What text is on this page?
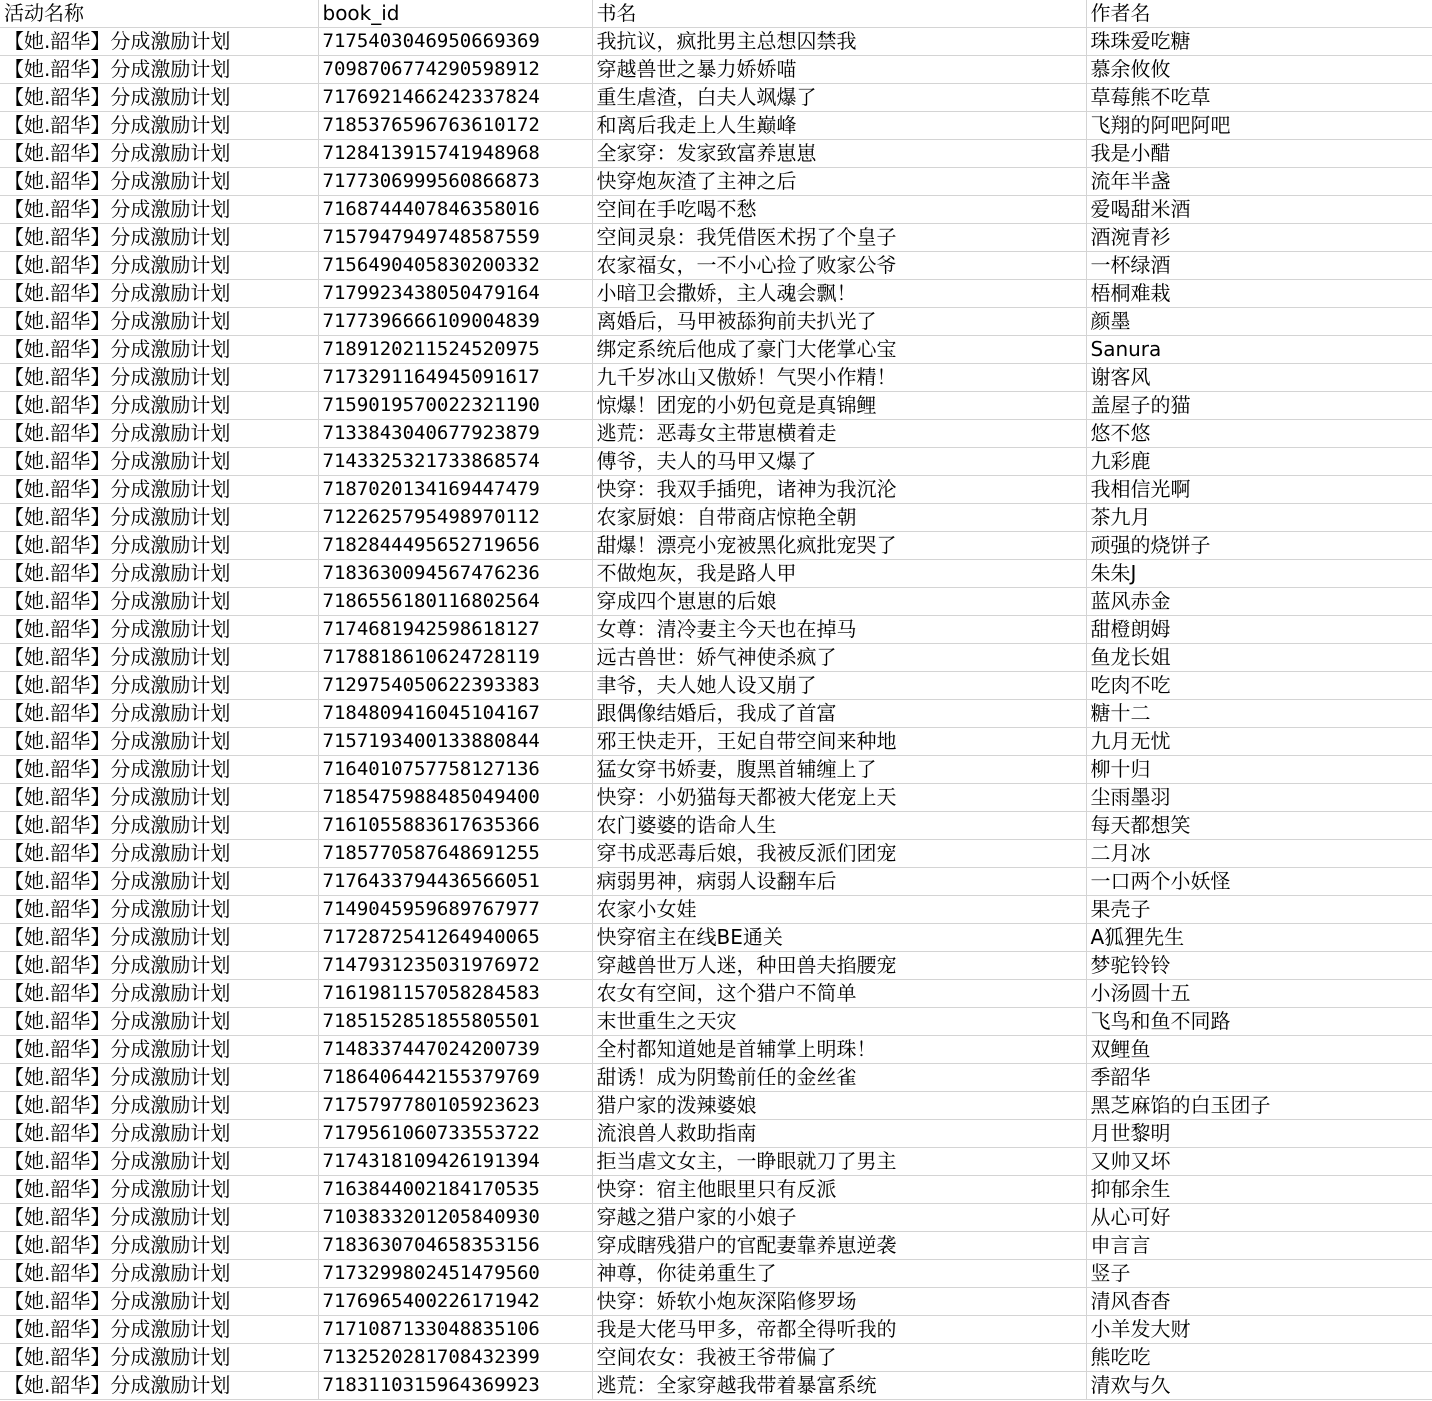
活动名称	book_id	书名	作者名
【她.韶华】分成激励计划	7175403046950669369	我抗议，疯批男主总想囚禁我	珠珠爱吃糖
【她.韶华】分成激励计划	7098706774290598912	穿越兽世之暴力娇娇喵	慕余攸攸
【她.韶华】分成激励计划	7176921466242337824	重生虐渣，白夫人飒爆了	草莓熊不吃草
【她.韶华】分成激励计划	7185376596763610172	和离后我走上人生巅峰	飞翔的阿吧阿吧
【她.韶华】分成激励计划	7128413915741948968	全家穿：发家致富养崽崽	我是小醋
【她.韶华】分成激励计划	7177306999560866873	快穿炮灰渣了主神之后	流年半盏
【她.韶华】分成激励计划	7168744407846358016	空间在手吃喝不愁	爱喝甜米酒
【她.韶华】分成激励计划	7157947949748587559	空间灵泉：我凭借医术拐了个皇子	酒涴青衫
【她.韶华】分成激励计划	7156490405830200332	农家福女，一不小心捡了败家公爷	一杯绿酒
【她.韶华】分成激励计划	7179923438050479164	小暗卫会撒娇，主人魂会飘！	梧桐难栽
【她.韶华】分成激励计划	7177396666109004839	离婚后，马甲被舔狗前夫扒光了	颜墨
【她.韶华】分成激励计划	7189120211524520975	绑定系统后他成了豪门大佬掌心宝	Sanura
【她.韶华】分成激励计划	7173291164945091617	九千岁冰山又傲娇！气哭小作精！	谢客风
【她.韶华】分成激励计划	7159019570022321190	惊爆！团宠的小奶包竟是真锦鲤	盖屋子的猫
【她.韶华】分成激励计划	7133843040677923879	逃荒：恶毒女主带崽横着走	悠不悠
【她.韶华】分成激励计划	7143325321733868574	傅爷，夫人的马甲又爆了	九彩鹿
【她.韶华】分成激励计划	7187020134169447479	快穿：我双手插兜，诸神为我沉沦	我相信光啊
【她.韶华】分成激励计划	7122625795498970112	农家厨娘：自带商店惊艳全朝	茶九月
【她.韶华】分成激励计划	7182844495652719656	甜爆！漂亮小宠被黑化疯批宠哭了	顽强的烧饼子
【她.韶华】分成激励计划	7183630094567476236	不做炮灰，我是路人甲	朱朱J
【她.韶华】分成激励计划	7186556180116802564	穿成四个崽崽的后娘	蓝风赤金
【她.韶华】分成激励计划	7174681942598618127	女尊：清冷妻主今天也在掉马	甜橙朗姆
【她.韶华】分成激励计划	7178818610624728119	远古兽世：娇气神使杀疯了	鱼龙长姐
【她.韶华】分成激励计划	7129754050622393383	聿爷，夫人她人设又崩了	吃肉不吃
【她.韶华】分成激励计划	7184809416045104167	跟偶像结婚后，我成了首富	糖十二
【她.韶华】分成激励计划	7157193400133880844	邪王快走开，王妃自带空间来种地	九月无忧
【她.韶华】分成激励计划	7164010757758127136	猛女穿书娇妻，腹黑首辅缠上了	柳十归
【她.韶华】分成激励计划	7185475988485049400	快穿：小奶猫每天都被大佬宠上天	尘雨墨羽
【她.韶华】分成激励计划	7161055883617635366	农门婆婆的诰命人生	每天都想笑
【她.韶华】分成激励计划	7185770587648691255	穿书成恶毒后娘，我被反派们团宠	二月冰
【她.韶华】分成激励计划	7176433794436566051	病弱男神，病弱人设翻车后	一口两个小妖怪
【她.韶华】分成激励计划	7149045959689767977	农家小女娃	果壳子
【她.韶华】分成激励计划	7172872541264940065	快穿宿主在线BE通关	A狐狸先生
【她.韶华】分成激励计划	7147931235031976972	穿越兽世万人迷，种田兽夫掐腰宠	梦驼铃铃
【她.韶华】分成激励计划	7161981157058284583	农女有空间，这个猎户不简单	小汤圆十五
【她.韶华】分成激励计划	7185152851855805501	末世重生之天灾	飞鸟和鱼不同路
【她.韶华】分成激励计划	7148337447024200739	全村都知道她是首辅掌上明珠！	双鲤鱼
【她.韶华】分成激励计划	7186406442155379769	甜诱！成为阴鸷前任的金丝雀	季韶华
【她.韶华】分成激励计划	7175797780105923623	猎户家的泼辣婆娘	黑芝麻馅的白玉团子
【她.韶华】分成激励计划	7179561060733553722	流浪兽人救助指南	月世黎明
【她.韶华】分成激励计划	7174318109426191394	拒当虐文女主，一睁眼就刀了男主	又帅又坏
【她.韶华】分成激励计划	7163844002184170535	快穿：宿主他眼里只有反派	抑郁余生
【她.韶华】分成激励计划	7103833201205840930	穿越之猎户家的小娘子	从心可好
【她.韶华】分成激励计划	7183630704658353156	穿成瞎残猎户的官配妻靠养崽逆袭	申言言
【她.韶华】分成激励计划	7173299802451479560	神尊，你徒弟重生了	竖子
【她.韶华】分成激励计划	7176965400226171942	快穿：娇软小炮灰深陷修罗场	清风杳杳
【她.韶华】分成激励计划	7171087133048835106	我是大佬马甲多，帝都全得听我的	小羊发大财
【她.韶华】分成激励计划	7132520281708432399	空间农女：我被王爷带偏了	熊吃吃
【她.韶华】分成激励计划	7183110315964369923	逃荒：全家穿越我带着暴富系统	清欢与久
